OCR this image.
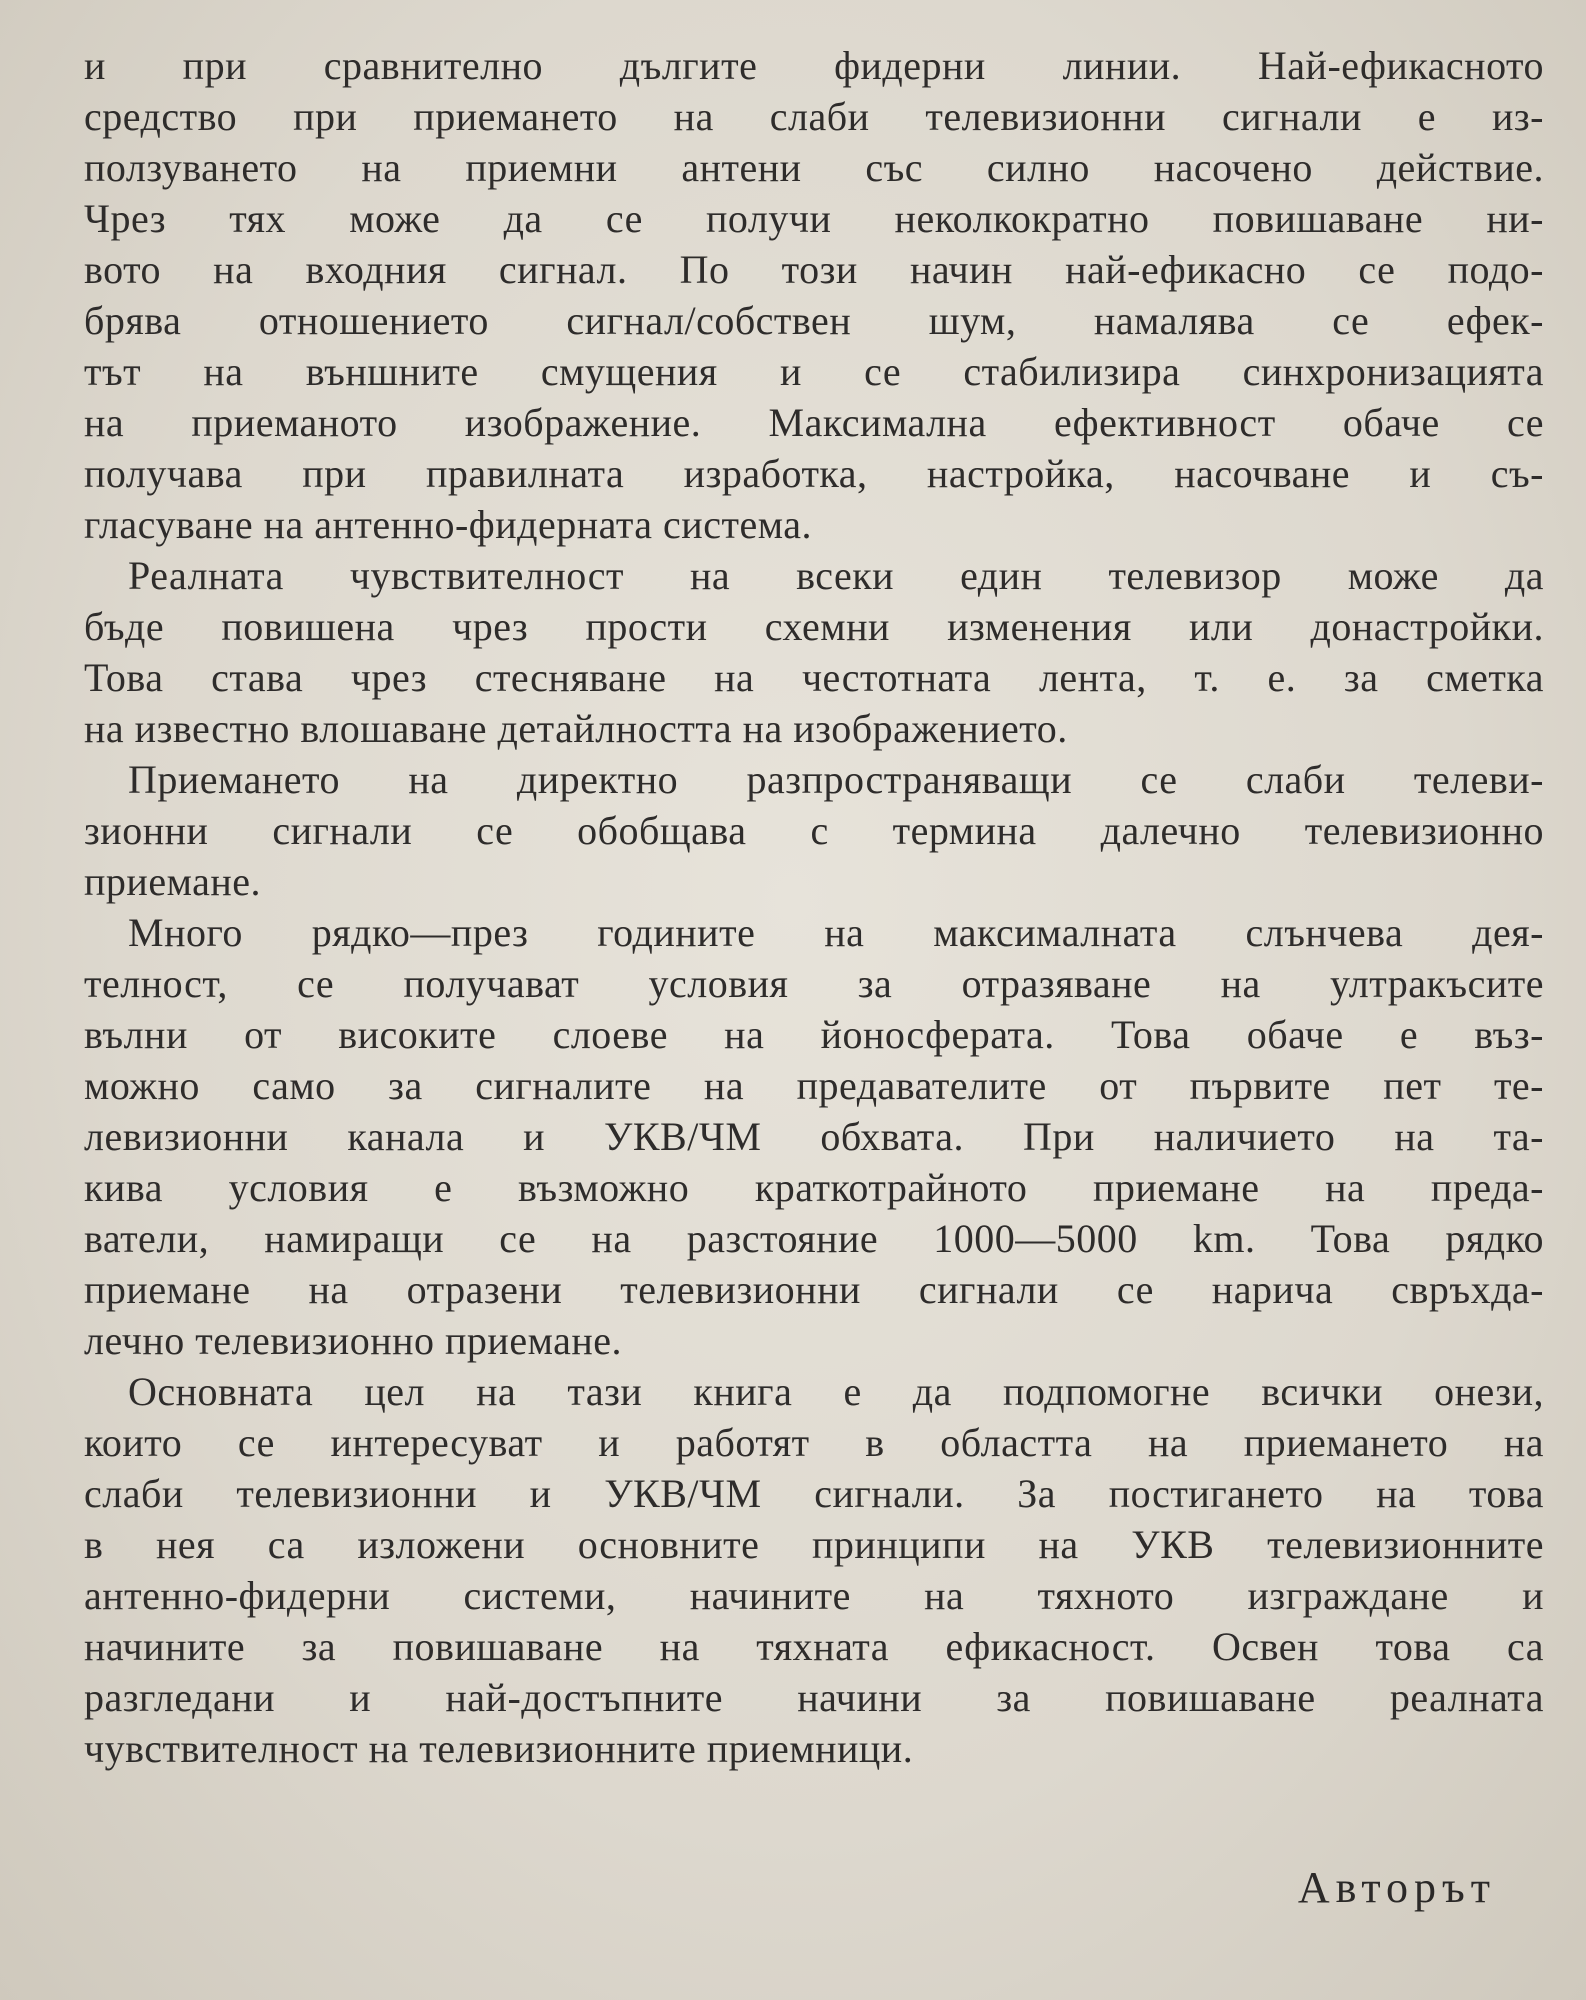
и при сравнително дългите фидерни линии. Най-ефикасното
средство при приемането на слаби телевизионни сигнали е из-
ползуването на приемни антени със силно насочено действие.
Чрез тях може да се получи неколкократно повишаване ни-
вото на входния сигнал. По този начин най-ефикасно се подо-
брява отношението сигнал/собствен шум, намалява се ефек-
тът на външните смущения и се стабилизира синхронизацията
на приеманото изображение. Максимална ефективност обаче се
получава при правилната изработка, настройка, насочване и съ-
гласуване на антенно-фидерната система.
Реалната чувствителност на всеки един телевизор може да
бъде повишена чрез прости схемни изменения или донастройки.
Това става чрез стесняване на честотната лента, т. е. за сметка
на известно влошаване детайлността на изображението.
Приемането на директно разпространяващи се слаби телеви-
зионни сигнали се обобщава с термина далечно телевизионно
приемане.
Много рядко—през годините на максималната слънчева дея-
телност, се получават условия за отразяване на ултракъсите
вълни от високите слоеве на йоносферата. Това обаче е въз-
можно само за сигналите на предавателите от първите пет те-
левизионни канала и УКВ/ЧМ обхвата. При наличието на та-
кива условия е възможно краткотрайното приемане на преда-
ватели, намиращи се на разстояние 1000—5000 km. Това рядко
приемане на отразени телевизионни сигнали се нарича свръхда-
лечно телевизионно приемане.
Основната цел на тази книга е да подпомогне всички онези,
които се интересуват и работят в областта на приемането на
слаби телевизионни и УКВ/ЧМ сигнали. За постигането на това
в нея са изложени основните принципи на УКВ телевизионните
антенно-фидерни системи, начините на тяхното изграждане и
начините за повишаване на тяхната ефикасност. Освен това са
разгледани и най-достъпните начини за повишаване реалната
чувствителност на телевизионните приемници.
Авторът
